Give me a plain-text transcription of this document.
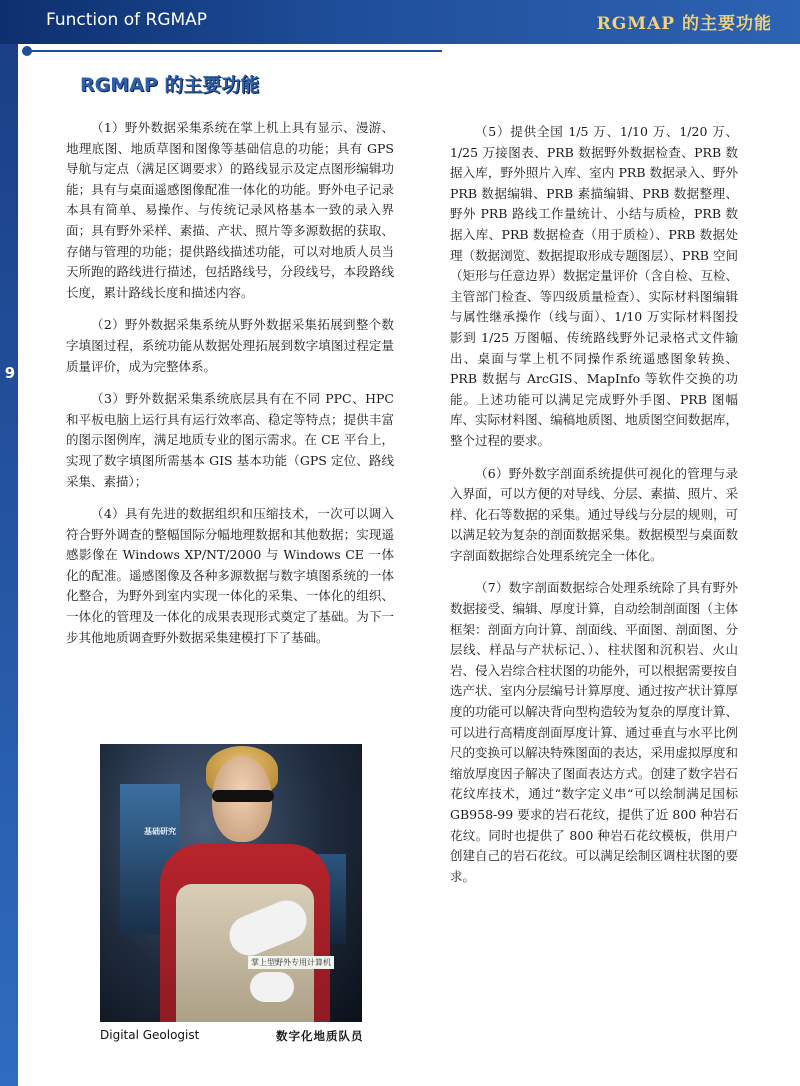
Function of RGMAP	RGMAP 的主要功能
9
RGMAP 的主要功能

（1）野外数据采集系统在掌上机上具有显示、漫游、地理底图、地质草图和图像等基础信息的功能；具有 GPS 导航与定点（满足区调要求）的路线显示及定点图形编辑功能；具有与桌面遥感图像配准一体化的功能。野外电子记录本具有简单、易操作、与传统记录风格基本一致的录入界面；具有野外采样、素描、产状、照片等多源数据的获取、存储与管理的功能；提供路线描述功能，可以对地质人员当天所跑的路线进行描述，包括路线号，分段线号，本段路线长度，累计路线长度和描述内容。

（2）野外数据采集系统从野外数据采集拓展到整个数字填图过程，系统功能从数据处理拓展到数字填图过程定量质量评价，成为完整体系。

（3）野外数据采集系统底层具有在不同 PPC、HPC 和平板电脑上运行具有运行效率高、稳定等特点；提供丰富的图示图例库，满足地质专业的图示需求。在 CE 平台上，实现了数字填图所需基本 GIS 基本功能（GPS 定位、路线采集、素描）；

（4）具有先进的数据组织和压缩技术，一次可以调入符合野外调查的整幅国际分幅地理数据和其他数据；实现遥感影像在 Windows XP/NT/2000 与 Windows CE 一体化的配准。遥感图像及各种多源数据与数字填图系统的一体化整合，为野外到室内实现一体化的采集、一体化的组织、一体化的管理及一体化的成果表现形式奠定了基础。为下一步其他地质调查野外数据采集建模打下了基础。

（5）提供全国 1/5 万、1/10 万、1/20 万、1/25 万接图表、PRB 数据野外数据检查、PRB 数据入库，野外照片入库、室内 PRB 数据录入、野外 PRB 数据编辑、PRB 素描编辑、PRB 数据整理、野外 PRB 路线工作量统计、小结与质检，PRB 数据入库、PRB 数据检查（用于质检）、PRB 数据处理（数据浏览、数据提取形成专题图层）、PRB 空间（矩形与任意边界）数据定量评价（含自检、互检、主管部门检查、等四级质量检查）、实际材料图编辑与属性继承操作（线与面）、1/10 万实际材料图投影到 1/25 万图幅、传统路线野外记录格式文件输出、桌面与掌上机不同操作系统遥感图象转换、PRB 数据与 ArcGIS、MapInfo 等软件交换的功能。上述功能可以满足完成野外手图、PRB 图幅库、实际材料图、编稿地质图、地质图空间数据库，整个过程的要求。

（6）野外数字剖面系统提供可视化的管理与录入界面，可以方便的对导线、分层、素描、照片、采样、化石等数据的采集。通过导线与分层的规则，可以满足较为复杂的剖面数据采集。数据模型与桌面数字剖面数据综合处理系统完全一体化。

（7）数字剖面数据综合处理系统除了具有野外数据接受、编辑、厚度计算，自动绘制剖面图（主体框架：剖面方向计算、剖面线、平面图、剖面图、分层线、样品与产状标记、）、柱状图和沉积岩、火山岩、侵入岩综合柱状图的功能外，可以根据需要按自选产状、室内分层编号计算厚度、通过按产状计算厚度的功能可以解决背向型构造较为复杂的厚度计算、可以进行高精度剖面厚度计算、通过垂直与水平比例尺的变换可以解决特殊图面的表达，采用虚拟厚度和缩放厚度因子解决了图面表达方式。创建了数字岩石花纹库技术，通过“数字定义串“可以绘制满足国标 GB958-99 要求的岩石花纹，提供了近 800 种岩石花纹。同时也提供了 800 种岩石花纹模板，供用户创建自己的岩石花纹。可以满足绘制区调柱状图的要求。

基础研究
掌上型野外专用计算机
Digital Geologist	数字化地质队员
